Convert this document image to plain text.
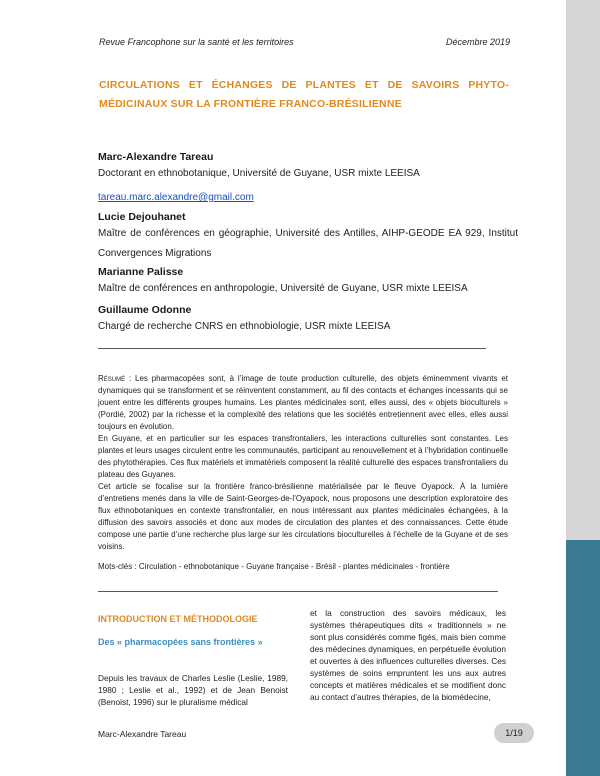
Revue Francophone sur la santé et les territoires	Décembre 2019
CIRCULATIONS ET ÉCHANGES DE PLANTES ET DE SAVOIRS PHYTO-MÉDICINAUX SUR LA FRONTIÈRE FRANCO-BRÉSILIENNE
Marc-Alexandre Tareau
Doctorant en ethnobotanique, Université de Guyane, USR mixte LEEISA
tareau.marc.alexandre@gmail.com
Lucie Dejouhanet
Maître de conférences en géographie, Université des Antilles, AIHP-GEODE EA 929, Institut Convergences Migrations
Marianne Palisse
Maître de conférences en anthropologie, Université de Guyane, USR mixte LEEISA
Guillaume Odonne
Chargé de recherche CNRS en ethnobiologie, USR mixte LEEISA

Résumé : Les pharmacopées sont, à l’image de toute production culturelle, des objets éminemment vivants et dynamiques qui se transforment et se réinventent constamment, au fil des contacts et échanges incessants qui se jouent entre les différents groupes humains. Les plantes médicinales sont, elles aussi, des « objets bioculturels » (Pordié, 2002) par la richesse et la complexité des relations que les sociétés entretiennent avec elles, elles aussi toujours en évolution.

En Guyane, et en particulier sur les espaces transfrontaliers, les interactions culturelles sont constantes. Les plantes et leurs usages circulent entre les communautés, participant au renouvellement et à l’hybridation continuelle des phytothérapies. Ces flux matériels et immatériels composent la réalité culturelle des espaces transfrontaliers du plateau des Guyanes.

Cet article se focalise sur la frontière franco-brésilienne matérialisée par le fleuve Oyapock. À la lumière d’entretiens menés dans la ville de Saint-Georges-de-l’Oyapock, nous proposons une description exploratoire des flux ethnobotaniques en contexte transfrontalier, en nous intéressant aux plantes médicinales échangées, à la diffusion des savoirs associés et donc aux modes de circulation des plantes et des connaissances. Cette étude compose une partie d’une recherche plus large sur les circulations bioculturelles à l’échelle de la Guyane et de ses voisins.

Mots-clés : Circulation - ethnobotanique - Guyane française - Brésil - plantes médicinales - frontière
INTRODUCTION ET MÉTHODOLOGIE
Des « pharmacopées sans frontières »
Depuis les travaux de Charles Leslie (Leslie, 1989, 1980 ; Leslie et al., 1992) et de Jean Benoist (Benoist, 1996) sur le pluralisme médical
et la construction des savoirs médicaux, les systèmes thérapeutiques dits « traditionnels » ne sont plus considérés comme figés, mais bien comme des médecines dynamiques, en perpétuelle évolution et ouvertes à des influences culturelles diverses. Ces systèmes de soins empruntent les uns aux autres concepts et matières médicales et se modifient donc au contact d’autres thérapies, de la biomédecine,
Marc-Alexandre Tareau	1/19
